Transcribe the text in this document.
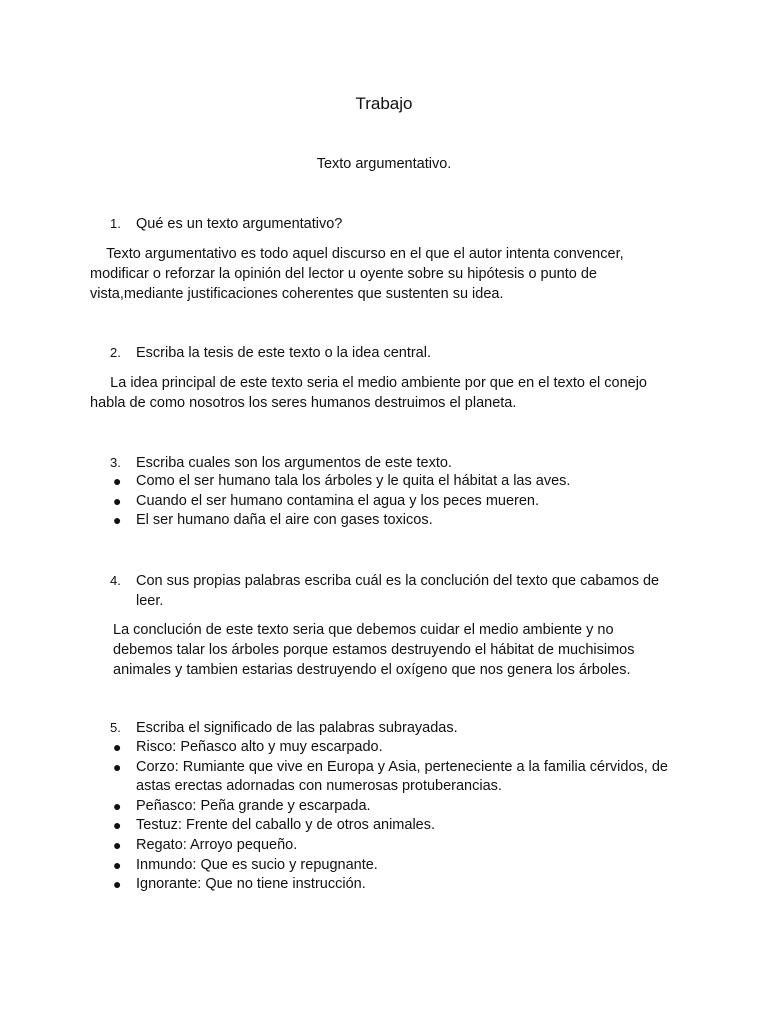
Trabajo
Texto argumentativo.
1. Qué es un texto argumentativo?
Texto argumentativo es todo aquel discurso en el que el autor intenta convencer, modificar o reforzar la opinión del lector u oyente sobre su hipótesis o punto de vista,mediante justificaciones coherentes que sustenten su idea.
2. Escriba la tesis de este texto o la idea central.
La idea principal de este texto seria el medio ambiente por que en el texto el conejo habla de como nosotros los seres humanos destruimos el planeta.
3. Escriba cuales son los argumentos de este texto.
● Como el ser humano tala los árboles y le quita el hábitat a las aves.
● Cuando el ser humano contamina el agua y los peces mueren.
● El ser humano daña el aire con gases toxicos.
4. Con sus propias palabras escriba cuál es la conclución del texto que cabamos de leer.
La conclución de este texto seria que debemos cuidar el medio ambiente y no debemos talar los árboles porque estamos destruyendo el hábitat de muchisimos animales y tambien estarias destruyendo el oxígeno que nos genera los árboles.
5. Escriba el significado de las palabras subrayadas.
● Risco: Peñasco alto y muy escarpado.
● Corzo: Rumiante que vive en Europa y Asia, perteneciente a la familia cérvidos, de astas erectas adornadas con numerosas protuberancias.
● Peñasco: Peña grande y escarpada.
● Testuz: Frente del caballo y de otros animales.
● Regato: Arroyo pequeño.
● Inmundo: Que es sucio y repugnante.
● Ignorante: Que no tiene instrucción.
